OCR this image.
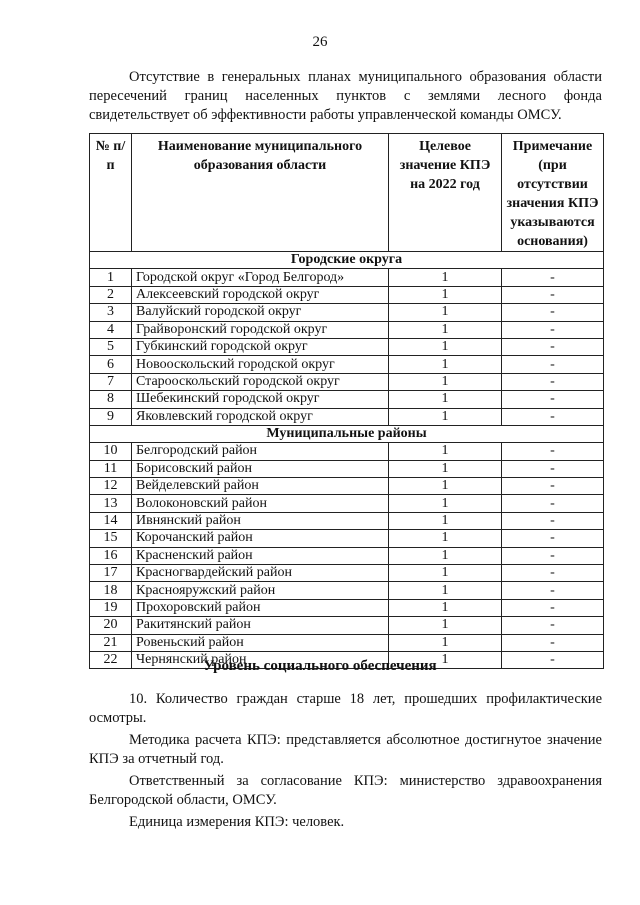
26
Отсутствие в генеральных планах муниципального образования области пересечений границ населенных пунктов с землями лесного фонда свидетельствует об эффективности работы управленческой команды ОМСУ.
№ п/п	Наименование муниципального образования области	Целевое значение КПЭ на 2022 год	Примечание (при отсутствии значения КПЭ указываются основания)
Городские округа			
1	Городской округ «Город Белгород»	1	-
2	Алексеевский городской округ	1	-
3	Валуйский городской округ	1	-
4	Грайворонский городской округ	1	-
5	Губкинский городской округ	1	-
6	Новооскольский городской округ	1	-
7	Старооскольский городской округ	1	-
8	Шебекинский городской округ	1	-
9	Яковлевский городской округ	1	-
Муниципальные районы			
10	Белгородский район	1	-
11	Борисовский район	1	-
12	Вейделевский район	1	-
13	Волоконовский район	1	-
14	Ивнянский район	1	-
15	Корочанский район	1	-
16	Красненский район	1	-
17	Красногвардейский район	1	-
18	Краснояружский район	1	-
19	Прохоровский район	1	-
20	Ракитянский район	1	-
21	Ровеньский район	1	-
22	Чернянский район	1	-
Уровень социального обеспечения

10. Количество граждан старше 18 лет, прошедших профилактические осмотры.

Методика расчета КПЭ: представляется абсолютное достигнутое значение КПЭ за отчетный год.

Ответственный за согласование КПЭ: министерство здравоохранения Белгородской области, ОМСУ.

Единица измерения КПЭ: человек.
